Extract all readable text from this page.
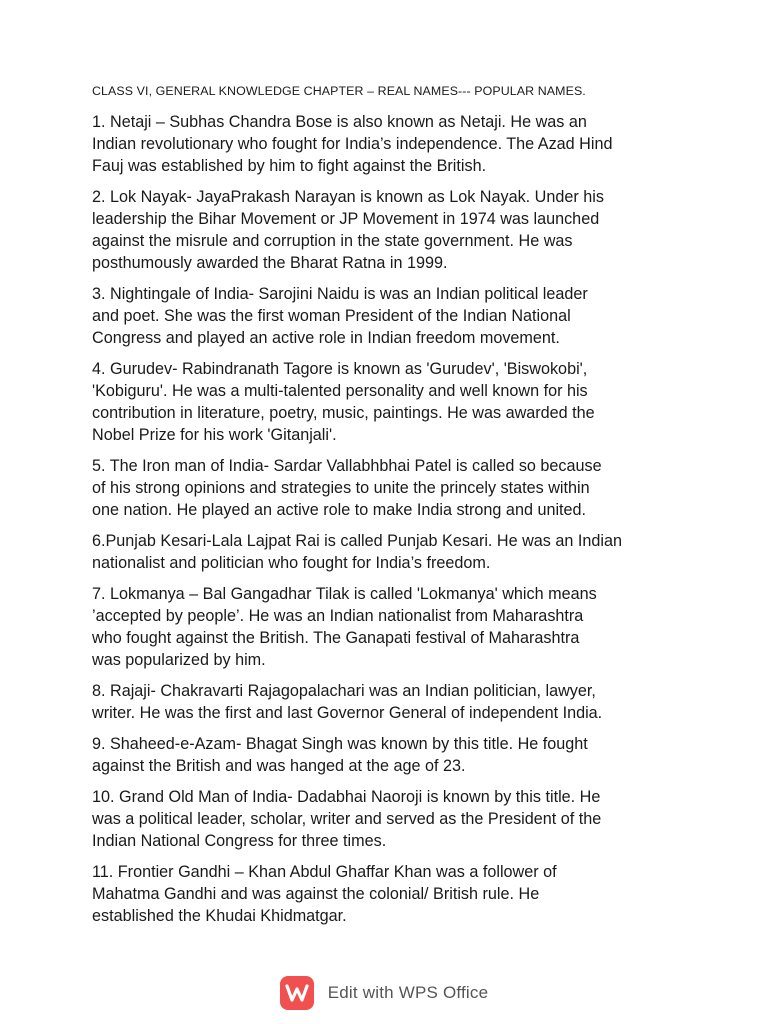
CLASS VI, GENERAL KNOWLEDGE CHAPTER – REAL NAMES--- POPULAR NAMES.

1. Netaji – Subhas Chandra Bose is also known as Netaji. He was an
Indian revolutionary who fought for India’s independence. The Azad Hind
Fauj was established by him to fight against the British.

2. Lok Nayak- JayaPrakash Narayan is known as Lok Nayak. Under his
leadership the Bihar Movement or JP Movement in 1974 was launched
against the misrule and corruption in the state government. He was
posthumously awarded the Bharat Ratna in 1999.

3. Nightingale of India- Sarojini Naidu is was an Indian political leader
and poet. She was the first woman President of the Indian National
Congress and played an active role in Indian freedom movement.

4. Gurudev- Rabindranath Tagore is known as 'Gurudev', 'Biswokobi',
'Kobiguru'. He was a multi-talented personality and well known for his
contribution in literature, poetry, music, paintings. He was awarded the
Nobel Prize for his work 'Gitanjali'.

5. The Iron man of India- Sardar Vallabhbhai Patel is called so because
of his strong opinions and strategies to unite the princely states within
one nation. He played an active role to make India strong and united.

6.Punjab Kesari-Lala Lajpat Rai is called Punjab Kesari. He was an Indian
nationalist and politician who fought for India’s freedom.

7. Lokmanya – Bal Gangadhar Tilak is called 'Lokmanya' which means
’accepted by people’. He was an Indian nationalist from Maharashtra
who fought against the British. The Ganapati festival of Maharashtra
was popularized by him.

8. Rajaji- Chakravarti Rajagopalachari was an Indian politician, lawyer,
writer. He was the first and last Governor General of independent India.

9. Shaheed-e-Azam- Bhagat Singh was known by this title. He fought
against the British and was hanged at the age of 23.

10. Grand Old Man of India- Dadabhai Naoroji is known by this title. He
was a political leader, scholar, writer and served as the President of the
Indian National Congress for three times.

11. Frontier Gandhi – Khan Abdul Ghaffar Khan was a follower of
Mahatma Gandhi and was against the colonial/ British rule. He
established the Khudai Khidmatgar.

Edit with WPS Office
